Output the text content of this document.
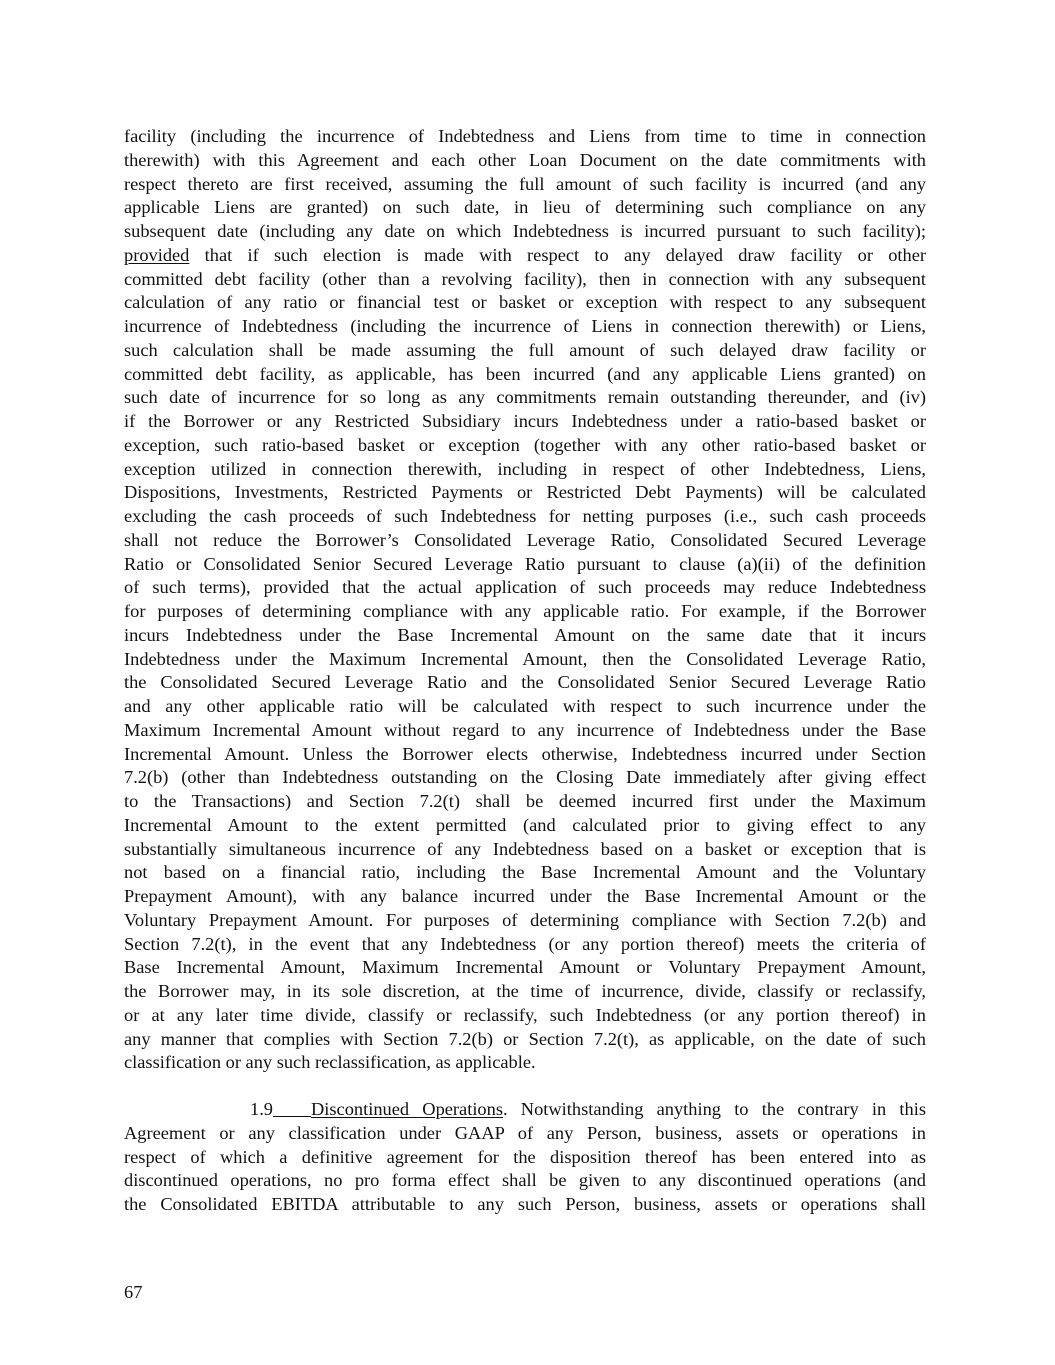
facility (including the incurrence of Indebtedness and Liens from time to time in connection
therewith) with this Agreement and each other Loan Document on the date commitments with
respect thereto are first received, assuming the full amount of such facility is incurred (and any
applicable Liens are granted) on such date, in lieu of determining such compliance on any
subsequent date (including any date on which Indebtedness is incurred pursuant to such facility);
provided that if such election is made with respect to any delayed draw facility or other
committed debt facility (other than a revolving facility), then in connection with any subsequent
calculation of any ratio or financial test or basket or exception with respect to any subsequent
incurrence of Indebtedness (including the incurrence of Liens in connection therewith) or Liens,
such calculation shall be made assuming the full amount of such delayed draw facility or
committed debt facility, as applicable, has been incurred (and any applicable Liens granted) on
such date of incurrence for so long as any commitments remain outstanding thereunder, and (iv)
if the Borrower or any Restricted Subsidiary incurs Indebtedness under a ratio-based basket or
exception, such ratio-based basket or exception (together with any other ratio-based basket or
exception utilized in connection therewith, including in respect of other Indebtedness, Liens,
Dispositions, Investments, Restricted Payments or Restricted Debt Payments) will be calculated
excluding the cash proceeds of such Indebtedness for netting purposes (i.e., such cash proceeds
shall not reduce the Borrower’s Consolidated Leverage Ratio, Consolidated Secured Leverage
Ratio or Consolidated Senior Secured Leverage Ratio pursuant to clause (a)(ii) of the definition
of such terms), provided that the actual application of such proceeds may reduce Indebtedness
for purposes of determining compliance with any applicable ratio. For example, if the Borrower
incurs Indebtedness under the Base Incremental Amount on the same date that it incurs
Indebtedness under the Maximum Incremental Amount, then the Consolidated Leverage Ratio,
the Consolidated Secured Leverage Ratio and the Consolidated Senior Secured Leverage Ratio
and any other applicable ratio will be calculated with respect to such incurrence under the
Maximum Incremental Amount without regard to any incurrence of Indebtedness under the Base
Incremental Amount. Unless the Borrower elects otherwise, Indebtedness incurred under Section
7.2(b) (other than Indebtedness outstanding on the Closing Date immediately after giving effect
to the Transactions) and Section 7.2(t) shall be deemed incurred first under the Maximum
Incremental Amount to the extent permitted (and calculated prior to giving effect to any
substantially simultaneous incurrence of any Indebtedness based on a basket or exception that is
not based on a financial ratio, including the Base Incremental Amount and the Voluntary
Prepayment Amount), with any balance incurred under the Base Incremental Amount or the
Voluntary Prepayment Amount. For purposes of determining compliance with Section 7.2(b) and
Section 7.2(t), in the event that any Indebtedness (or any portion thereof) meets the criteria of
Base Incremental Amount, Maximum Incremental Amount or Voluntary Prepayment Amount,
the Borrower may, in its sole discretion, at the time of incurrence, divide, classify or reclassify,
or at any later time divide, classify or reclassify, such Indebtedness (or any portion thereof) in
any manner that complies with Section 7.2(b) or Section 7.2(t), as applicable, on the date of such
classification or any such reclassification, as applicable.
1.9 Discontinued Operations. Notwithstanding anything to the contrary in this
Agreement or any classification under GAAP of any Person, business, assets or operations in
respect of which a definitive agreement for the disposition thereof has been entered into as
discontinued operations, no pro forma effect shall be given to any discontinued operations (and
the Consolidated EBITDA attributable to any such Person, business, assets or operations shall
67
